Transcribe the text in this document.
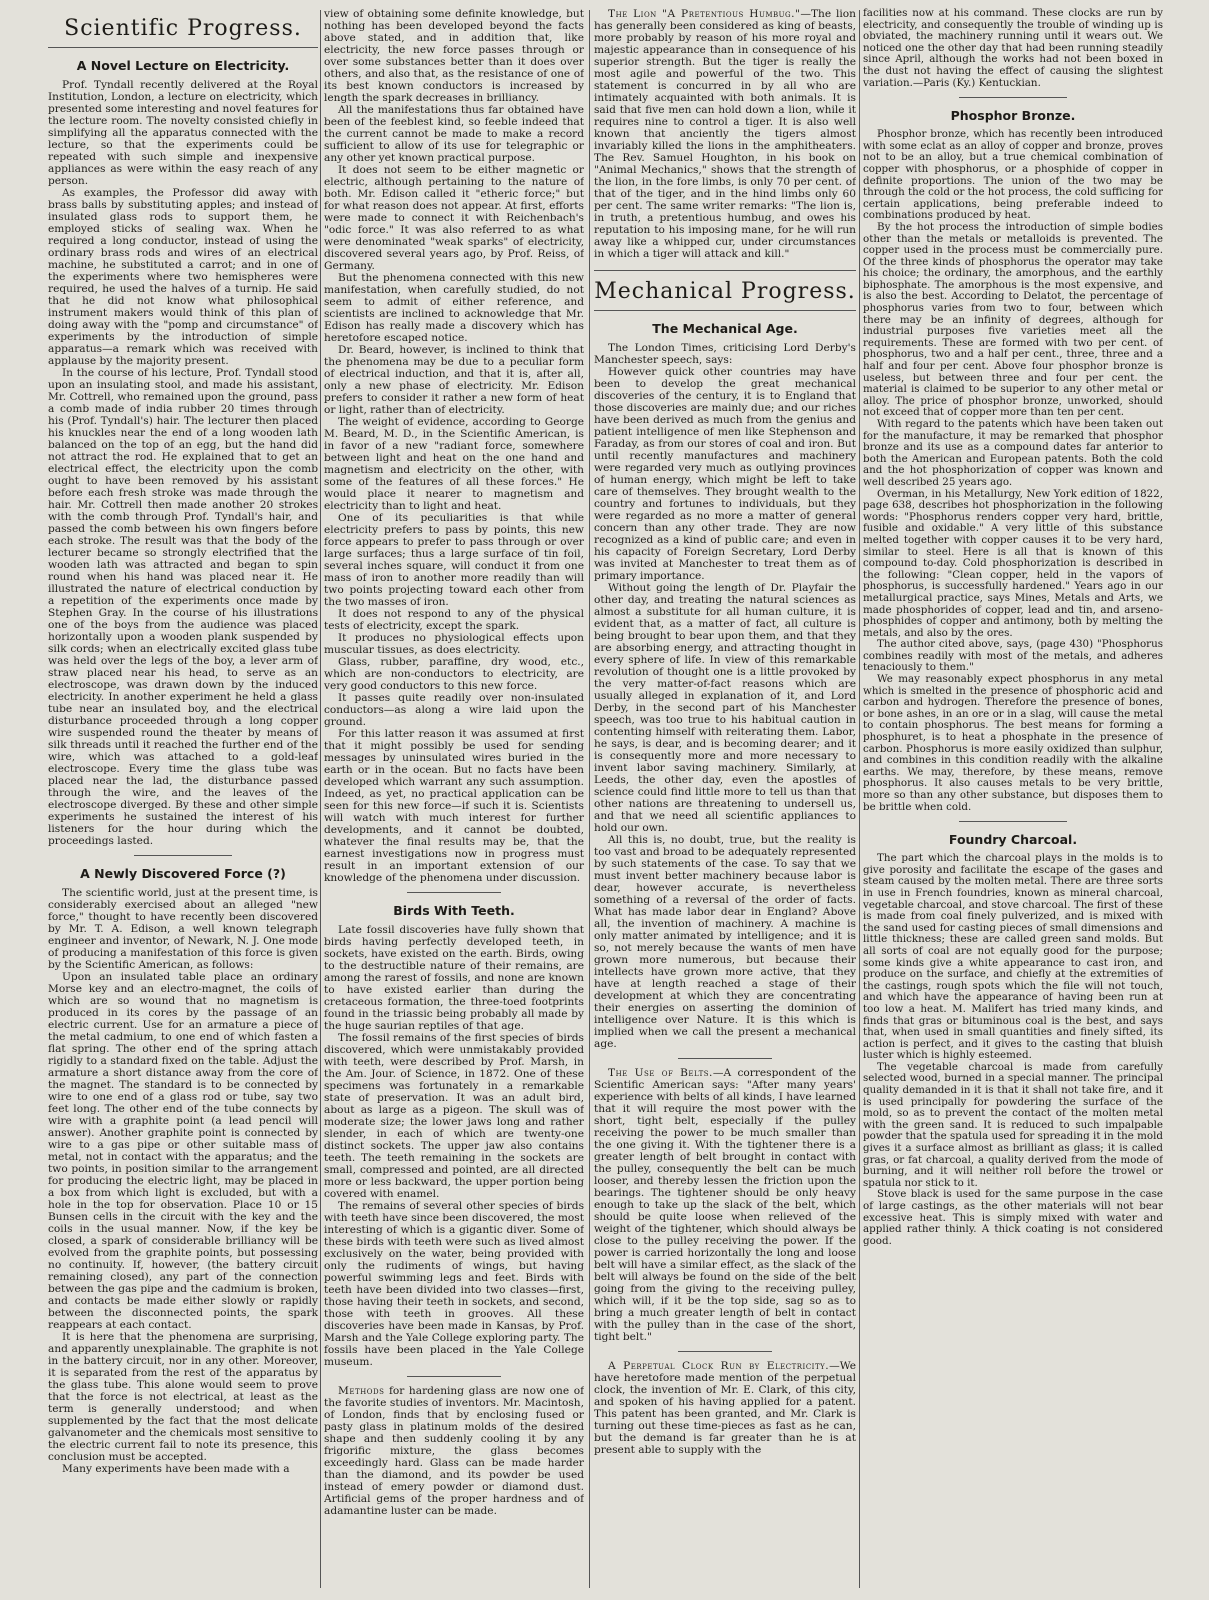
Scientific Progress.
A Novel Lecture on Electricity.

Prof. Tyndall recently delivered at the Royal Institution, London, a lecture on electricity, which presented some interesting and novel features for the lecture room. The novelty consisted chiefly in simplifying all the apparatus connected with the lecture, so that the experiments could be repeated with such simple and inexpensive appliances as were within the easy reach of any person.

As examples, the Professor did away with brass balls by substituting apples; and instead of insulated glass rods to support them, he employed sticks of sealing wax. When he required a long conductor, instead of using the ordinary brass rods and wires of an electrical machine, he substituted a carrot; and in one of the experiments where two hemispheres were required, he used the halves of a turnip. He said that he did not know what philosophical instrument makers would think of this plan of doing away with the "pomp and circumstance" of experiments by the introduction of simple apparatus—a remark which was received with applause by the majority present.

In the course of his lecture, Prof. Tyndall stood upon an insulating stool, and made his assistant, Mr. Cottrell, who remained upon the ground, pass a comb made of india rubber 20 times through his (Prof. Tyndall's) hair. The lecturer then placed his knuckles near the end of a long wooden lath balanced on the top of an egg, but the hand did not attract the rod. He explained that to get an electrical effect, the electricity upon the comb ought to have been removed by his assistant before each fresh stroke was made through the hair. Mr. Cottrell then made another 20 strokes with the comb through Prof. Tyndall's hair, and passed the comb between his own fingers before each stroke. The result was that the body of the lecturer became so strongly electrified that the wooden lath was attracted and began to spin round when his hand was placed near it. He illustrated the nature of electrical conduction by a repetition of the experiments once made by Stephen Gray. In the course of his illustrations one of the boys from the audience was placed horizontally upon a wooden plank suspended by silk cords; when an electrically excited glass tube was held over the legs of the boy, a lever arm of straw placed near his head, to serve as an electroscope, was drawn down by the induced electricity. In another experiment he held a glass tube near an insulated boy, and the electrical disturbance proceeded through a long copper wire suspended round the theater by means of silk threads until it reached the further end of the wire, which was attached to a gold-leaf electroscope. Every time the glass tube was placed near the lad, the disturbance passed through the wire, and the leaves of the electroscope diverged. By these and other simple experiments he sustained the interest of his listeners for the hour during which the proceedings lasted.

A Newly Discovered Force (?)

The scientific world, just at the present time, is considerably exercised about an alleged "new force," thought to have recently been discovered by Mr. T. A. Edison, a well known telegraph engineer and inventor, of Newark, N. J. One mode of producing a manifestation of this force is given by the Scientific American, as follows:

Upon an insulated table place an ordinary Morse key and an electro-magnet, the coils of which are so wound that no magnetism is produced in its cores by the passage of an electric current. Use for an armature a piece of the metal cadmium, to one end of which fasten a flat spring. The other end of the spring attach rigidly to a standard fixed on the table. Adjust the armature a short distance away from the core of the magnet. The standard is to be connected by wire to one end of a glass rod or tube, say two feet long. The other end of the tube connects by wire with a graphite point (a lead pencil will answer). Another graphite point is connected by wire to a gas pipe or other suitable mass of metal, not in contact with the apparatus; and the two points, in position similar to the arrangement for producing the electric light, may be placed in a box from which light is excluded, but with a hole in the top for observation. Place 10 or 15 Bunsen cells in the circuit with the key and the coils in the usual manner. Now, if the key be closed, a spark of considerable brilliancy will be evolved from the graphite points, but possessing no continuity. If, however, (the battery circuit remaining closed), any part of the connection between the gas pipe and the cadmium is broken, and contacts be made either slowly or rapidly between the disconnected points, the spark reappears at each contact.

It is here that the phenomena are surprising, and apparently unexplainable. The graphite is not in the battery circuit, nor in any other. Moreover, it is separated from the rest of the apparatus by the glass tube. This alone would seem to prove that the force is not electrical, at least as the term is generally understood; and when supplemented by the fact that the most delicate galvanometer and the chemicals most sensitive to the electric current fail to note its presence, this conclusion must be accepted.

Many experiments have been made with a

view of obtaining some definite knowledge, but nothing has been developed beyond the facts above stated, and in addition that, like electricity, the new force passes through or over some substances better than it does over others, and also that, as the resistance of one of its best known conductors is increased by length the spark decreases in brilliancy.

All the manifestations thus far obtained have been of the feeblest kind, so feeble indeed that the current cannot be made to make a record sufficient to allow of its use for telegraphic or any other yet known practical purpose.

It does not seem to be either magnetic or electric, although pertaining to the nature of both. Mr. Edison called it "etheric force;" but for what reason does not appear. At first, efforts were made to connect it with Reichenbach's "odic force." It was also referred to as what were denominated "weak sparks" of electricity, discovered several years ago, by Prof. Reiss, of Germany.

But the phenomena connected with this new manifestation, when carefully studied, do not seem to admit of either reference, and scientists are inclined to acknowledge that Mr. Edison has really made a discovery which has heretofore escaped notice.

Dr. Beard, however, is inclined to think that the phenomena may be due to a peculiar form of electrical induction, and that it is, after all, only a new phase of electricity. Mr. Edison prefers to consider it rather a new form of heat or light, rather than of electricity.

The weight of evidence, according to George M. Beard, M. D., in the Scientific American, is in favor of a new "radiant force, somewhere between light and heat on the one hand and magnetism and electricity on the other, with some of the features of all these forces." He would place it nearer to magnetism and electricity than to light and heat.

One of its peculiarities is that while electricity prefers to pass by points, this new force appears to prefer to pass through or over large surfaces; thus a large surface of tin foil, several inches square, will conduct it from one mass of iron to another more readily than will two points projecting toward each other from the two masses of iron.

It does not respond to any of the physical tests of electricity, except the spark.

It produces no physiological effects upon muscular tissues, as does electricity.

Glass, rubber, paraffine, dry wood, etc., which are non-conductors to electricity, are very good conductors to this new force.

It passes quite readily over non-insulated conductors—as along a wire laid upon the ground.

For this latter reason it was assumed at first that it might possibly be used for sending messages by uninsulated wires buried in the earth or in the ocean. But no facts have been developed which warrant any such assumption. Indeed, as yet, no practical application can be seen for this new force—if such it is. Scientists will watch with much interest for further developments, and it cannot be doubted, whatever the final results may be, that the earnest investigations now in progress must result in an important extension of our knowledge of the phenomena under discussion.

Birds With Teeth.

Late fossil discoveries have fully shown that birds having perfectly developed teeth, in sockets, have existed on the earth. Birds, owing to the destructible nature of their remains, are among the rarest of fossils, and none are known to have existed earlier than during the cretaceous formation, the three-toed footprints found in the triassic being probably all made by the huge saurian reptiles of that age.

The fossil remains of the first species of birds discovered, which were unmistakably provided with teeth, were described by Prof. Marsh, in the Am. Jour. of Science, in 1872. One of these specimens was fortunately in a remarkable state of preservation. It was an adult bird, about as large as a pigeon. The skull was of moderate size; the lower jaws long and rather slender, in each of which are twenty-one distinct sockets. The upper jaw also contains teeth. The teeth remaining in the sockets are small, compressed and pointed, are all directed more or less backward, the upper portion being covered with enamel.

The remains of several other species of birds with teeth have since been discovered, the most interesting of which is a gigantic diver. Some of these birds with teeth were such as lived almost exclusively on the water, being provided with only the rudiments of wings, but having powerful swimming legs and feet. Birds with teeth have been divided into two classes—first, those having their teeth in sockets, and second, those with teeth in grooves. All these discoveries have been made in Kansas, by Prof. Marsh and the Yale College exploring party. The fossils have been placed in the Yale College museum.

Methods for hardening glass are now one of the favorite studies of inventors. Mr. Macintosh, of London, finds that by enclosing fused or pasty glass in platinum molds of the desired shape and then suddenly cooling it by any frigorific mixture, the glass becomes exceedingly hard. Glass can be made harder than the diamond, and its powder be used instead of emery powder or diamond dust. Artificial gems of the proper hardness and of adamantine luster can be made.

The Lion "A Pretentious Humbug."—The lion has generally been considered as king of beasts, more probably by reason of his more royal and majestic appearance than in consequence of his superior strength. But the tiger is really the most agile and powerful of the two. This statement is concurred in by all who are intimately acquainted with both animals. It is said that five men can hold down a lion, while it requires nine to control a tiger. It is also well known that anciently the tigers almost invariably killed the lions in the amphitheaters. The Rev. Samuel Houghton, in his book on "Animal Mechanics," shows that the strength of the lion, in the fore limbs, is only 70 per cent. of that of the tiger, and in the hind limbs only 60 per cent. The same writer remarks: "The lion is, in truth, a pretentious humbug, and owes his reputation to his imposing mane, for he will run away like a whipped cur, under circumstances in which a tiger will attack and kill."

Mechanical Progress.
The Mechanical Age.

The London Times, criticising Lord Derby's Manchester speech, says:

However quick other countries may have been to develop the great mechanical discoveries of the century, it is to England that those discoveries are mainly due; and our riches have been derived as much from the genius and patient intelligence of men like Stephenson and Faraday, as from our stores of coal and iron. But until recently manufactures and machinery were regarded very much as outlying provinces of human energy, which might be left to take care of themselves. They brought wealth to the country and fortunes to individuals, but they were regarded as no more a matter of general concern than any other trade. They are now recognized as a kind of public care; and even in his capacity of Foreign Secretary, Lord Derby was invited at Manchester to treat them as of primary importance.

Without going the length of Dr. Playfair the other day, and treating the natural sciences as almost a substitute for all human culture, it is evident that, as a matter of fact, all culture is being brought to bear upon them, and that they are absorbing energy, and attracting thought in every sphere of life. In view of this remarkable revolution of thought one is a little provoked by the very matter-of-fact reasons which are usually alleged in explanation of it, and Lord Derby, in the second part of his Manchester speech, was too true to his habitual caution in contenting himself with reiterating them. Labor, he says, is dear, and is becoming dearer; and it is consequently more and more necessary to invent labor saving machinery. Similarly, at Leeds, the other day, even the apostles of science could find little more to tell us than that other nations are threatening to undersell us, and that we need all scientific appliances to hold our own.

All this is, no doubt, true, but the reality is too vast and broad to be adequately represented by such statements of the case. To say that we must invent better machinery because labor is dear, however accurate, is nevertheless something of a reversal of the order of facts. What has made labor dear in England? Above all, the invention of machinery. A machine is only matter animated by intelligence; and it is so, not merely because the wants of men have grown more numerous, but because their intellects have grown more active, that they have at length reached a stage of their development at which they are concentrating their energies on asserting the dominion of intelligence over Nature. It is this which is implied when we call the present a mechanical age.

The Use of Belts.—A correspondent of the Scientific American says: "After many years' experience with belts of all kinds, I have learned that it will require the most power with the short, tight belt, especially if the pulley receiving the power to be much smaller than the one giving it. With the tightener there is a greater length of belt brought in contact with the pulley, consequently the belt can be much looser, and thereby lessen the friction upon the bearings. The tightener should be only heavy enough to take up the slack of the belt, which should be quite loose when relieved of the weight of the tightener, which should always be close to the pulley receiving the power. If the power is carried horizontally the long and loose belt will have a similar effect, as the slack of the belt will always be found on the side of the belt going from the giving to the receiving pulley, which will, if it be the top side, sag so as to bring a much greater length of belt in contact with the pulley than in the case of the short, tight belt."

A Perpetual Clock Run by Electricity.—We have heretofore made mention of the perpetual clock, the invention of Mr. E. Clark, of this city, and spoken of his having applied for a patent. This patent has been granted, and Mr. Clark is turning out these time-pieces as fast as he can, but the demand is far greater than he is at present able to supply with the

facilities now at his command. These clocks are run by electricity, and consequently the trouble of winding up is obviated, the machinery running until it wears out. We noticed one the other day that had been running steadily since April, although the works had not been boxed in the dust not having the effect of causing the slightest variation.—Paris (Ky.) Kentuckian.

Phosphor Bronze.

Phosphor bronze, which has recently been introduced with some eclat as an alloy of copper and bronze, proves not to be an alloy, but a true chemical combination of copper with phosphorus, or a phosphide of copper in definite proportions. The union of the two may be through the cold or the hot process, the cold sufficing for certain applications, being preferable indeed to combinations produced by heat.

By the hot process the introduction of simple bodies other than the metals or metalloids is prevented. The copper used in the process must be commercially pure. Of the three kinds of phosphorus the operator may take his choice; the ordinary, the amorphous, and the earthly biphosphate. The amorphous is the most expensive, and is also the best. According to Delatot, the percentage of phosphorus varies from two to four, between which there may be an infinity of degrees, although for industrial purposes five varieties meet all the requirements. These are formed with two per cent. of phosphorus, two and a half per cent., three, three and a half and four per cent. Above four phosphor bronze is useless, but between three and four per cent. the material is claimed to be superior to any other metal or alloy. The price of phosphor bronze, unworked, should not exceed that of copper more than ten per cent.

With regard to the patents which have been taken out for the manufacture, it may be remarked that phosphor bronze and its use as a compound dates far anterior to both the American and European patents. Both the cold and the hot phosphorization of copper was known and well described 25 years ago.

Overman, in his Metallurgy, New York edition of 1822, page 638, describes hot phosphorization in the following words: "Phosphorus renders copper very hard, brittle, fusible and oxidable." A very little of this substance melted together with copper causes it to be very hard, similar to steel. Here is all that is known of this compound to-day. Cold phosphorization is described in the following: "Clean copper, held in the vapors of phosphorus, is successfully hardened." Years ago in our metallurgical practice, says Mines, Metals and Arts, we made phosphorides of copper, lead and tin, and arseno-phosphides of copper and antimony, both by melting the metals, and also by the ores.

The author cited above, says, (page 430) "Phosphorus combines readily with most of the metals, and adheres tenaciously to them."

We may reasonably expect phosphorus in any metal which is smelted in the presence of phosphoric acid and carbon and hydrogen. Therefore the presence of bones, or bone ashes, in an ore or in a slag, will cause the metal to contain phosphorus. The best means for forming a phosphuret, is to heat a phosphate in the presence of carbon. Phosphorus is more easily oxidized than sulphur, and combines in this condition readily with the alkaline earths. We may, therefore, by these means, remove phosphorus. It also causes metals to be very brittle, more so than any other substance, but disposes them to be brittle when cold.

Foundry Charcoal.

The part which the charcoal plays in the molds is to give porosity and facilitate the escape of the gases and steam caused by the molten metal. There are three sorts in use in French foundries, known as mineral charcoal, vegetable charcoal, and stove charcoal. The first of these is made from coal finely pulverized, and is mixed with the sand used for casting pieces of small dimensions and little thickness; these are called green sand molds. But all sorts of coal are not equally good for the purpose; some kinds give a white appearance to cast iron, and produce on the surface, and chiefly at the extremities of the castings, rough spots which the file will not touch, and which have the appearance of having been run at too low a heat. M. Malifert has tried many kinds, and finds that gras or bituminous coal is the best, and says that, when used in small quantities and finely sifted, its action is perfect, and it gives to the casting that bluish luster which is highly esteemed.

The vegetable charcoal is made from carefully selected wood, burned in a special manner. The principal quality demanded in it is that it shall not take fire, and it is used principally for powdering the surface of the mold, so as to prevent the contact of the molten metal with the green sand. It is reduced to such impalpable powder that the spatula used for spreading it in the mold gives it a surface almost as brilliant as glass; it is called gras, or fat charcoal, a quality derived from the mode of burning, and it will neither roll before the trowel or spatula nor stick to it.

Stove black is used for the same purpose in the case of large castings, as the other materials will not bear excessive heat. This is simply mixed with water and applied rather thinly. A thick coating is not considered good.
